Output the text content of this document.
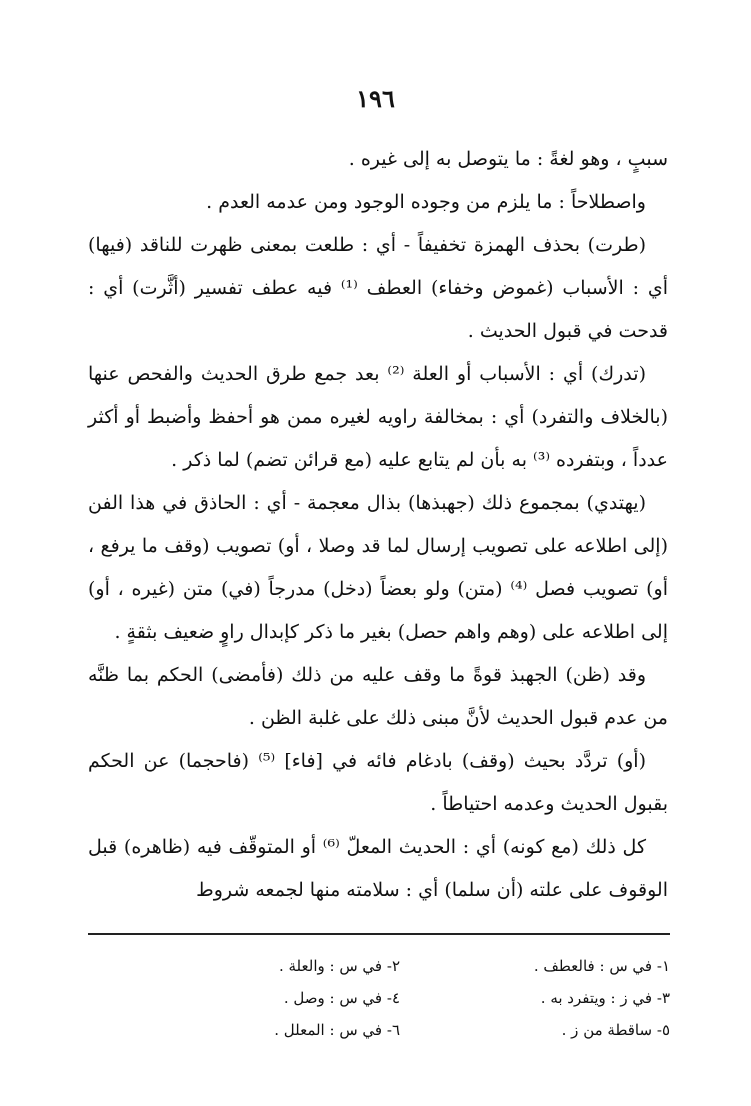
١٩٦

سببٍ ، وهو لغةً : ما يتوصل به إلى غيره .

واصطلاحاً : ما يلزم من وجوده الوجود ومن عدمه العدم .

(طرت) بحذف الهمزة تخفيفاً - أي : طلعت بمعنى ظهرت للناقد (فيها) أي : الأسباب (غموض وخفاء) العطف ⁽¹⁾ فيه عطف تفسير (أثَّرت) أي : قدحت في قبول الحديث .

(تدرك) أي : الأسباب أو العلة ⁽²⁾ بعد جمع طرق الحديث والفحص عنها (بالخلاف والتفرد) أي : بمخالفة راويه لغيره ممن هو أحفظ وأضبط أو أكثر عدداً ، وبتفرده ⁽³⁾ به بأن لم يتابع عليه (مع قرائن تضم) لما ذكر .

(يهتدي) بمجموع ذلك (جهبذها) بذال معجمة - أي : الحاذق في هذا الفن (إلى اطلاعه على تصويب إرسال لما قد وصلا ، أو) تصويب (وقف ما يرفع ، أو) تصويب فصل ⁽⁴⁾ (متن) ولو بعضاً (دخل) مدرجاً (في) متن (غيره ، أو) إلى اطلاعه على (وهم واهم حصل) بغير ما ذكر كإبدال راوٍ ضعيف بثقةٍ .

وقد (ظن) الجهبذ قوةً ما وقف عليه من ذلك (فأمضى) الحكم بما ظنَّه من عدم قبول الحديث لأنَّ مبنى ذلك على غلبة الظن .

(أو) تردَّد بحيث (وقف) بادغام فائه في [فاء] ⁽⁵⁾ (فاحجما) عن الحكم بقبول الحديث وعدمه احتياطاً .

كل ذلك (مع كونه) أي : الحديث المعلّ ⁽⁶⁾ أو المتوقّف فيه (ظاهره) قبل الوقوف على علته (أن سلما) أي : سلامته منها لجمعه شروط

١- في س : فالعطف .
٢- في س : والعلة .
٣- في ز : ويتفرد به .
٤- في س : وصل .
٥- ساقطة من ز .
٦- في س : المعلل .
